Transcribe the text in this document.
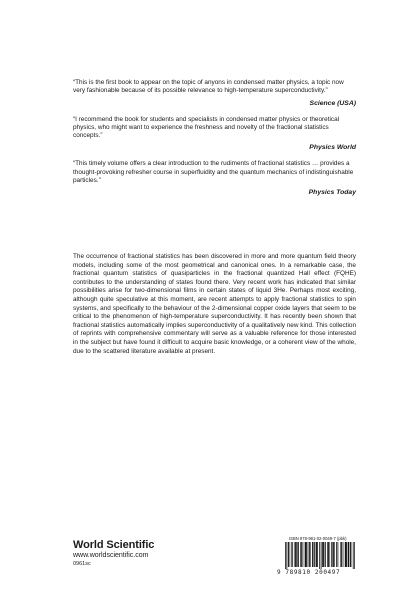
“This is the first book to appear on the topic of anyons in condensed matter physics, a topic now very fashionable because of its possible relevance to high-temperature superconductivity.”

Science (USA)

“I recommend the book for students and specialists in condensed matter physics or theoretical physics, who might want to experience the freshness and novelty of the fractional statistics concepts.”

Physics World

“This timely volume offers a clear introduction to the rudiments of fractional statistics … provides a thought-provoking refresher course in superfluidity and the quantum mechanics of indistinguishable particles.”

Physics Today

The occurrence of fractional statistics has been discovered in more and more quantum field theory models, including some of the most geometrical and canonical ones. In a remarkable case, the fractional quantum statistics of quasiparticles in the fractional quantized Hall effect (FQHE) contributes to the understanding of states found there. Very recent work has indicated that similar possibilities arise for two-dimensional films in certain states of liquid 3He. Perhaps most exciting, although quite speculative at this moment, are recent attempts to apply fractional statistics to spin systems, and specifically to the behaviour of the 2-dimensional copper oxide layers that seem to be critical to the phenomenon of high-temperature superconductivity. It has recently been shown that fractional statistics automatically implies superconductivity of a qualitatively new kind. This collection of reprints with comprehensive commentary will serve as a valuable reference for those interested in the subject but have found it difficult to acquire basic knowledge, or a coherent view of the whole, due to the scattered literature available at present.

World Scientific

www.worldscientific.com

0961sc

ISBN 978-981-02-0049-7 (pbk)

9 789810 200497
